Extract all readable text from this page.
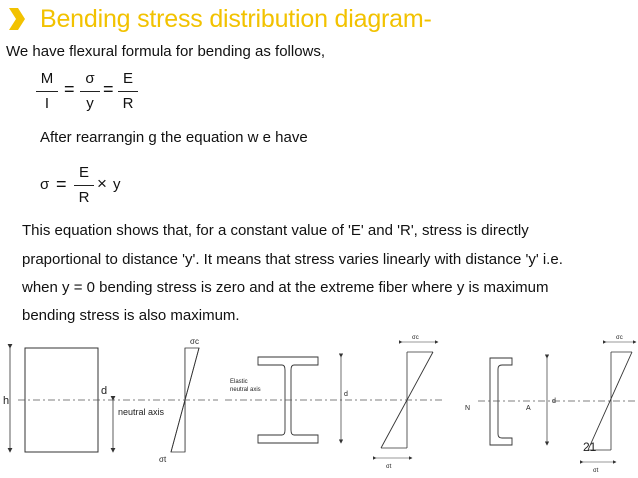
Bending stress distribution diagram-
We have flexural formula for bending as follows,
M
I
=
σ
y
=
E
R
After rearrangin g the equation w e have
σ =
E
R
× y
This equation shows that, for a constant value of 'E' and 'R', stress is directly
praportional to distance 'y'. It means that stress varies linearly with distance 'y' i.e.
when y = 0 bending stress is zero and at the extreme fiber where y is maximum
bending stress is also maximum.
h
d
neutral axis
σc
σt
Elastic
neutral axis
d
σc
σt
N	A
d
σc
σt
21
